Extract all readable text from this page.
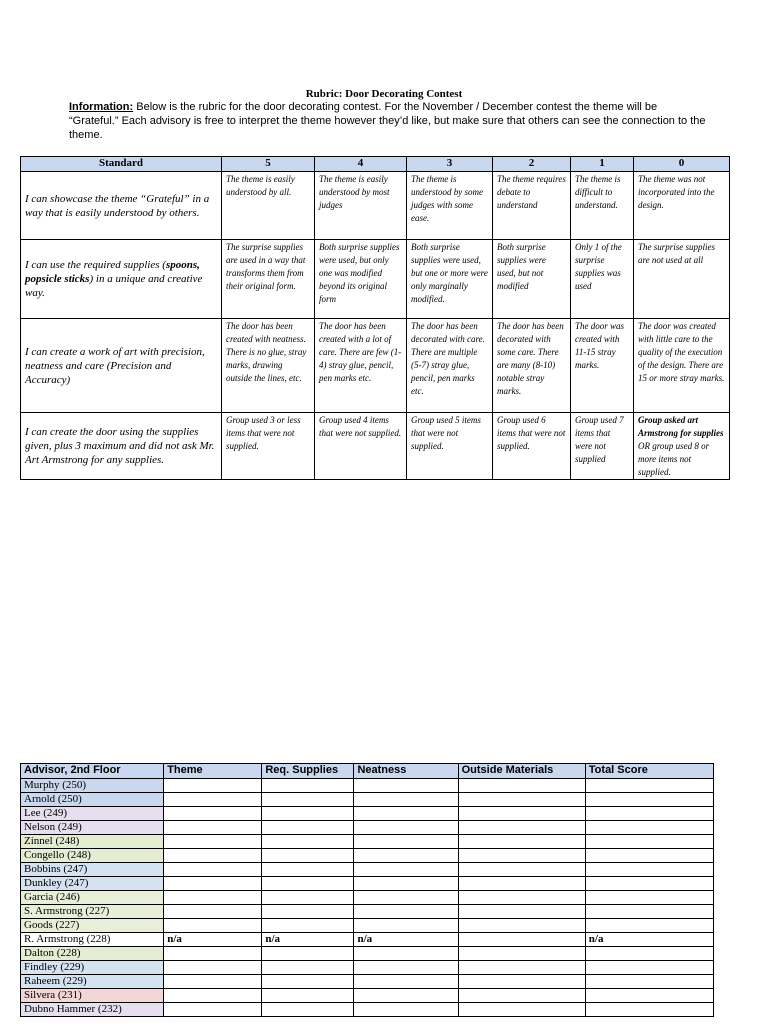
Rubric: Door Decorating Contest
Information: Below is the rubric for the door decorating contest. For the November / December contest the theme will be “Grateful.” Each advisory is free to interpret the theme however they’d like, but make sure that others can see the connection to the theme.
Standard	5	4	3	2	1	0
I can showcase the theme “Grateful” in a way that is easily understood by others.	The theme is easily understood by all.	The theme is easily understood by most judges	The theme is understood by some judges with some ease.	The theme requires debate to understand	The theme is difficult to understand.	The theme was not incorporated into the design.
I can use the required supplies (spoons, popsicle sticks) in a unique and creative way.	The surprise supplies are used in a way that transforms them from their original form.	Both surprise supplies were used, but only one was modified beyond its original form	Both surprise supplies were used, but one or more were only marginally modified.	Both surprise supplies were used, but not modified	Only 1 of the surprise supplies was used	The surprise supplies are not used at all
I can create a work of art with precision, neatness and care (Precision and Accuracy)	The door has been created with neatness. There is no glue, stray marks, drawing outside the lines, etc.	The door has been created with a lot of care. There are few (1-4) stray glue, pencil, pen marks etc.	The door has been decorated with care. There are multiple (5-7) stray glue, pencil, pen marks etc.	The door has been decorated with some care. There are many (8-10) notable stray marks.	The door was created with 11-15 stray marks.	The door was created with little care to the quality of the execution of the design. There are 15 or more stray marks.
I can create the door using the supplies given, plus 3 maximum and did not ask Mr. Art Armstrong for any supplies.	Group used 3 or less items that were not supplied.	Group used 4 items that were not supplied.	Group used 5 items that were not supplied.	Group used 6 items that were not supplied.	Group used 7 items that were not supplied	Group asked art Armstrong for supplies OR group used 8 or more items not supplied.
Advisor, 2nd Floor	Theme	Req. Supplies	Neatness	Outside Materials	Total Score
Murphy (250)					
Arnold (250)					
Lee (249)					
Nelson (249)					
Zinnel (248)					
Congello (248)					
Bobbins (247)					
Dunkley (247)					
Garcia (246)					
S. Armstrong (227)					
Goods (227)					
R. Armstrong (228)	n/a	n/a	n/a		n/a
Dalton (228)					
Findley (229)					
Raheem (229)					
Silvera (231)					
Dubno Hammer (232)					
